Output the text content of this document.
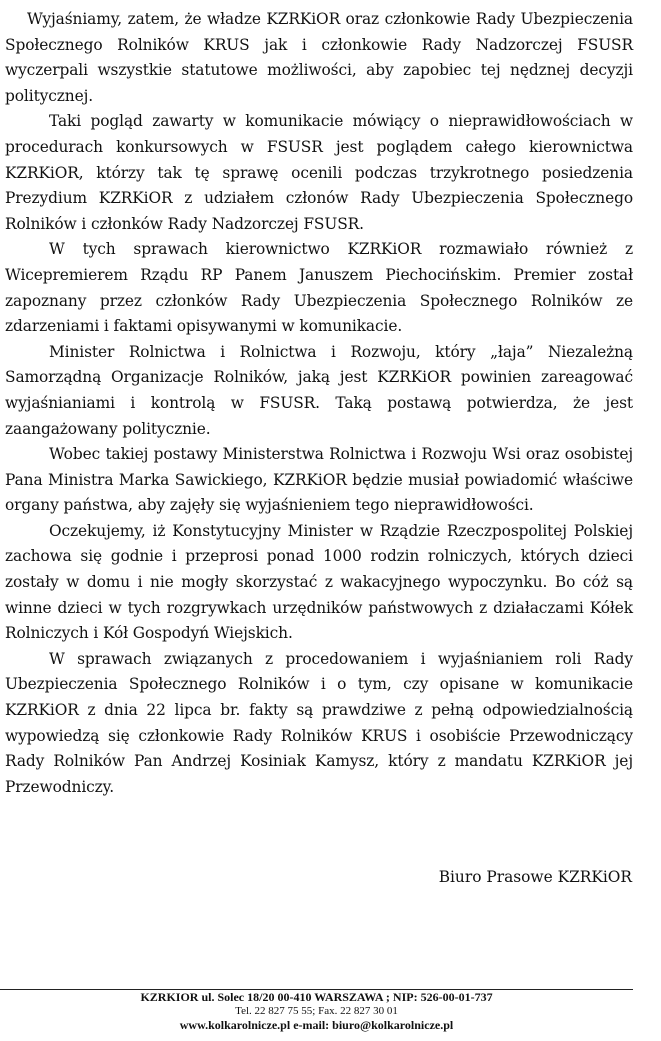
Wyjaśniamy, zatem, że władze KZRKiOR oraz członkowie Rady Ubezpieczenia Społecznego Rolników KRUS jak i członkowie Rady Nadzorczej FSUSR wyczerpali wszystkie statutowe możliwości, aby zapobiec tej nędznej decyzji politycznej.

Taki pogląd zawarty w komunikacie mówiący o nieprawidłowościach w procedurach konkursowych w FSUSR jest poglądem całego kierownictwa KZRKiOR, którzy tak tę sprawę ocenili podczas trzykrotnego posiedzenia Prezydium KZRKiOR z udziałem członów Rady Ubezpieczenia Społecznego Rolników i członków Rady Nadzorczej FSUSR.

W tych sprawach kierownictwo KZRKiOR rozmawiało również z Wicepremierem Rządu RP Panem Januszem Piechocińskim. Premier został zapoznany przez członków Rady Ubezpieczenia Społecznego Rolników ze zdarzeniami i faktami opisywanymi w komunikacie.

Minister Rolnictwa i Rolnictwa i Rozwoju, który „łaja” Niezależną Samorządną Organizacje Rolników, jaką jest KZRKiOR powinien zareagować wyjaśnianiami i kontrolą w FSUSR. Taką postawą potwierdza, że jest zaangażowany politycznie.

Wobec takiej postawy Ministerstwa Rolnictwa i Rozwoju Wsi oraz osobistej Pana Ministra Marka Sawickiego, KZRKiOR będzie musiał powiadomić właściwe organy państwa, aby zajęły się wyjaśnieniem tego nieprawidłowości.

Oczekujemy, iż Konstytucyjny Minister w Rządzie Rzeczpospolitej Polskiej zachowa się godnie i przeprosi ponad 1000 rodzin rolniczych, których dzieci zostały w domu i nie mogły skorzystać z wakacyjnego wypoczynku. Bo cóż są winne dzieci w tych rozgrywkach urzędników państwowych z działaczami Kółek Rolniczych i Kół Gospodyń Wiejskich.

W sprawach związanych z procedowaniem i wyjaśnianiem roli Rady Ubezpieczenia Społecznego Rolników i o tym, czy opisane w komunikacie KZRKiOR z dnia 22 lipca br. fakty są prawdziwe z pełną odpowiedzialnością wypowiedzą się członkowie Rady Rolników KRUS i osobiście Przewodniczący Rady Rolników Pan Andrzej Kosiniak Kamysz, który z mandatu KZRKiOR jej Przewodniczy.

Biuro Prasowe KZRKiOR
KZRKIOR ul. Solec 18/20 00-410 WARSZAWA ; NIP: 526-00-01-737
Tel. 22 827 75 55; Fax. 22 827 30 01
www.kolkarolnicze.pl e-mail: biuro@kolkarolnicze.pl
